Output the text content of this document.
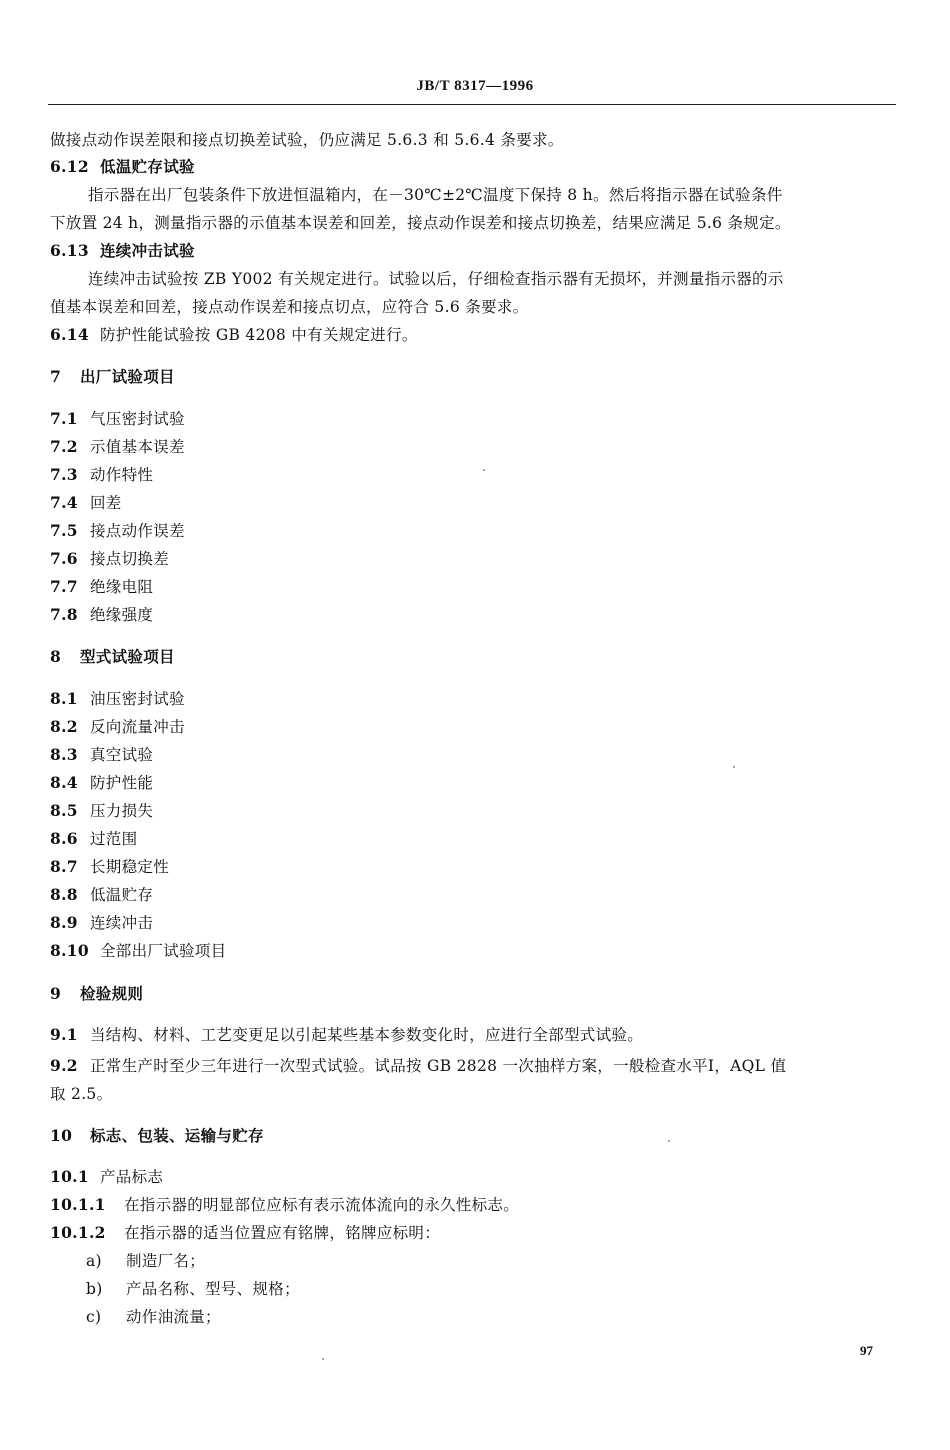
JB/T 8317—1996
做接点动作误差限和接点切换差试验，仍应满足 5.6.3 和 5.6.4 条要求。
6.12 低温贮存试验
指示器在出厂包装条件下放进恒温箱内，在－30℃±2℃温度下保持 8 h。然后将指示器在试验条件
下放置 24 h，测量指示器的示值基本误差和回差，接点动作误差和接点切换差，结果应满足 5.6 条规定。
6.13 连续冲击试验
连续冲击试验按 ZB Y002 有关规定进行。试验以后，仔细检查指示器有无损坏，并测量指示器的示
值基本误差和回差，接点动作误差和接点切点，应符合 5.6 条要求。
6.14 防护性能试验按 GB 4208 中有关规定进行。
7 出厂试验项目
7.1 气压密封试验
7.2 示值基本误差
7.3 动作特性
7.4 回差
7.5 接点动作误差
7.6 接点切换差
7.7 绝缘电阻
7.8 绝缘强度
8 型式试验项目
8.1 油压密封试验
8.2 反向流量冲击
8.3 真空试验
8.4 防护性能
8.5 压力损失
8.6 过范围
8.7 长期稳定性
8.8 低温贮存
8.9 连续冲击
8.10 全部出厂试验项目
9 检验规则
9.1 当结构、材料、工艺变更足以引起某些基本参数变化时，应进行全部型式试验。
9.2 正常生产时至少三年进行一次型式试验。试品按 GB 2828 一次抽样方案，一般检查水平Ⅰ，AQL 值
取 2.5。
10 标志、包装、运输与贮存
10.1 产品标志
10.1.1 在指示器的明显部位应标有表示流体流向的永久性标志。
10.1.2 在指示器的适当位置应有铭牌，铭牌应标明：
a) 制造厂名；
b) 产品名称、型号、规格；
c) 动作油流量；
97
